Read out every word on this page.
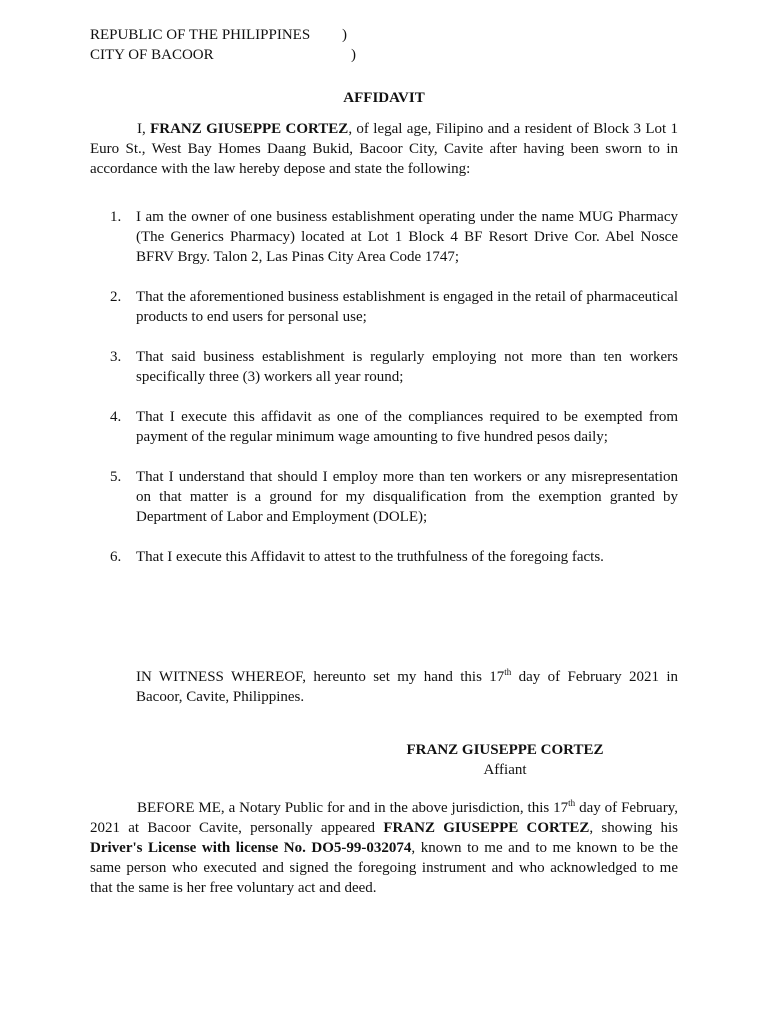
REPUBLIC OF THE PHILIPPINES )
CITY OF BACOOR	)
AFFIDAVIT

I, FRANZ GIUSEPPE CORTEZ, of legal age, Filipino and a resident of Block 3 Lot 1 Euro St., West Bay Homes Daang Bukid, Bacoor City, Cavite after having been sworn to in accordance with the law hereby depose and state the following:

1. I am the owner of one business establishment operating under the name MUG Pharmacy (The Generics Pharmacy) located at Lot 1 Block 4 BF Resort Drive Cor. Abel Nosce BFRV Brgy. Talon 2, Las Pinas City Area Code 1747;
2. That the aforementioned business establishment is engaged in the retail of pharmaceutical products to end users for personal use;
3. That said business establishment is regularly employing not more than ten workers specifically three (3) workers all year round;
4. That I execute this affidavit as one of the compliances required to be exempted from payment of the regular minimum wage amounting to five hundred pesos daily;
5. That I understand that should I employ more than ten workers or any misrepresentation on that matter is a ground for my disqualification from the exemption granted by Department of Labor and Employment (DOLE);
6. That I execute this Affidavit to attest to the truthfulness of the foregoing facts.

IN WITNESS WHEREOF, hereunto set my hand this 17th day of February 2021 in Bacoor, Cavite, Philippines.

FRANZ GIUSEPPE CORTEZ
Affiant

BEFORE ME, a Notary Public for and in the above jurisdiction, this 17th day of February, 2021 at Bacoor Cavite, personally appeared FRANZ GIUSEPPE CORTEZ, showing his Driver's License with license No. DO5-99-032074, known to me and to me known to be the same person who executed and signed the foregoing instrument and who acknowledged to me that the same is her free voluntary act and deed.
